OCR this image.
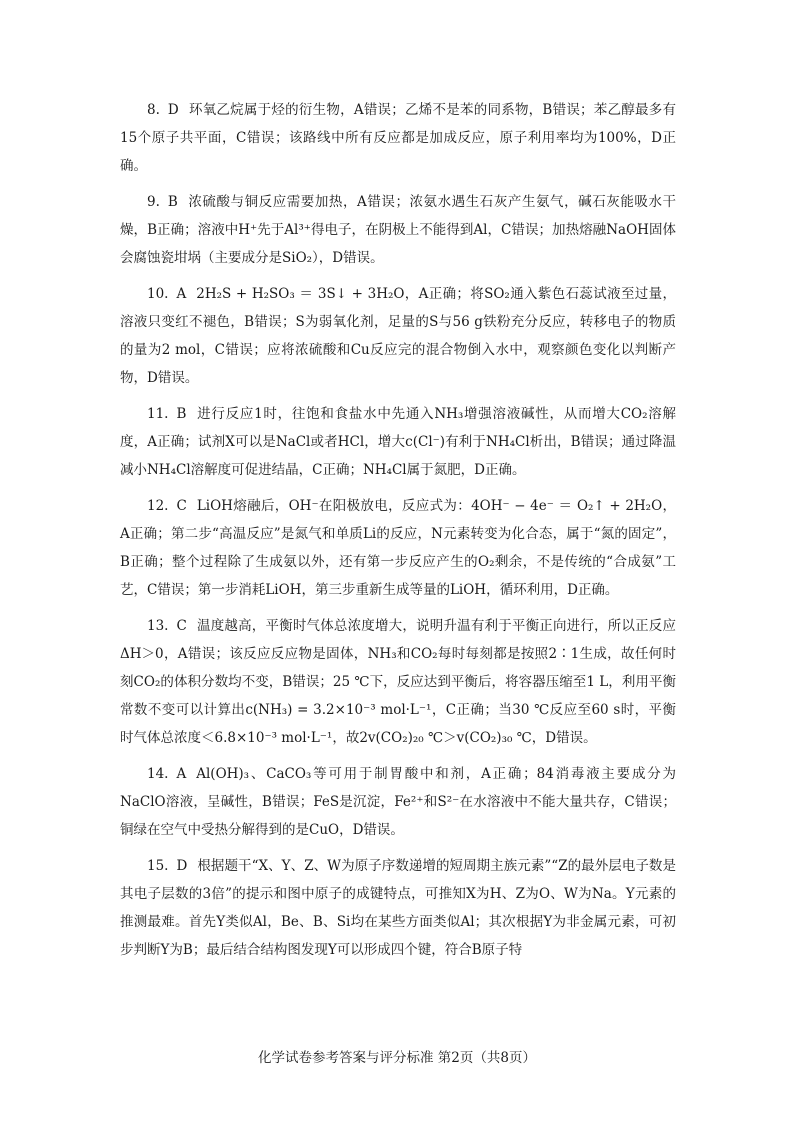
8. D 环氧乙烷属于烃的衍生物，A错误；乙烯不是苯的同系物，B错误；苯乙醇最多有15个原子共平面，C错误；该路线中所有反应都是加成反应，原子利用率均为100%，D正确。

9. B 浓硫酸与铜反应需要加热，A错误；浓氨水遇生石灰产生氨气，碱石灰能吸水干燥，B正确；溶液中H⁺先于Al³⁺得电子，在阴极上不能得到Al，C错误；加热熔融NaOH固体会腐蚀瓷坩埚（主要成分是SiO₂），D错误。

10. A 2H₂S + H₂SO₃ ＝ 3S↓ + 3H₂O，A正确；将SO₂通入紫色石蕊试液至过量，溶液只变红不褪色，B错误；S为弱氧化剂，足量的S与56 g铁粉充分反应，转移电子的物质的量为2 mol，C错误；应将浓硫酸和Cu反应完的混合物倒入水中，观察颜色变化以判断产物，D错误。

11. B 进行反应1时，往饱和食盐水中先通入NH₃增强溶液碱性，从而增大CO₂溶解度，A正确；试剂X可以是NaCl或者HCl，增大c(Cl⁻)有利于NH₄Cl析出，B错误；通过降温减小NH₄Cl溶解度可促进结晶，C正确；NH₄Cl属于氮肥，D正确。

12. C LiOH熔融后，OH⁻在阳极放电，反应式为：4OH⁻ − 4e⁻ ＝ O₂↑ + 2H₂O，A正确；第二步“高温反应”是氮气和单质Li的反应，N元素转变为化合态，属于“氮的固定”，B正确；整个过程除了生成氨以外，还有第一步反应产生的O₂剩余，不是传统的“合成氨”工艺，C错误；第一步消耗LiOH，第三步重新生成等量的LiOH，循环利用，D正确。

13. C 温度越高，平衡时气体总浓度增大，说明升温有利于平衡正向进行，所以正反应ΔH＞0，A错误；该反应反应物是固体，NH₃和CO₂每时每刻都是按照2∶1生成，故任何时刻CO₂的体积分数均不变，B错误；25 ℃下，反应达到平衡后，将容器压缩至1 L，利用平衡常数不变可以计算出c(NH₃) = 3.2×10⁻³ mol·L⁻¹，C正确；当30 ℃反应至60 s时，平衡时气体总浓度＜6.8×10⁻³ mol·L⁻¹，故2v(CO₂)₂₀ ℃＞v(CO₂)₃₀ ℃，D错误。

14. A Al(OH)₃、CaCO₃等可用于制胃酸中和剂，A正确；84消毒液主要成分为NaClO溶液，呈碱性，B错误；FeS是沉淀，Fe²⁺和S²⁻在水溶液中不能大量共存，C错误；铜绿在空气中受热分解得到的是CuO，D错误。

15. D 根据题干“X、Y、Z、W为原子序数递增的短周期主族元素”“Z的最外层电子数是其电子层数的3倍”的提示和图中原子的成键特点，可推知X为H、Z为O、W为Na。Y元素的推测最难。首先Y类似Al，Be、B、Si均在某些方面类似Al；其次根据Y为非金属元素，可初步判断Y为B；最后结合结构图发现Y可以形成四个键，符合B原子特

化学试卷参考答案与评分标准 第2页（共8页）
